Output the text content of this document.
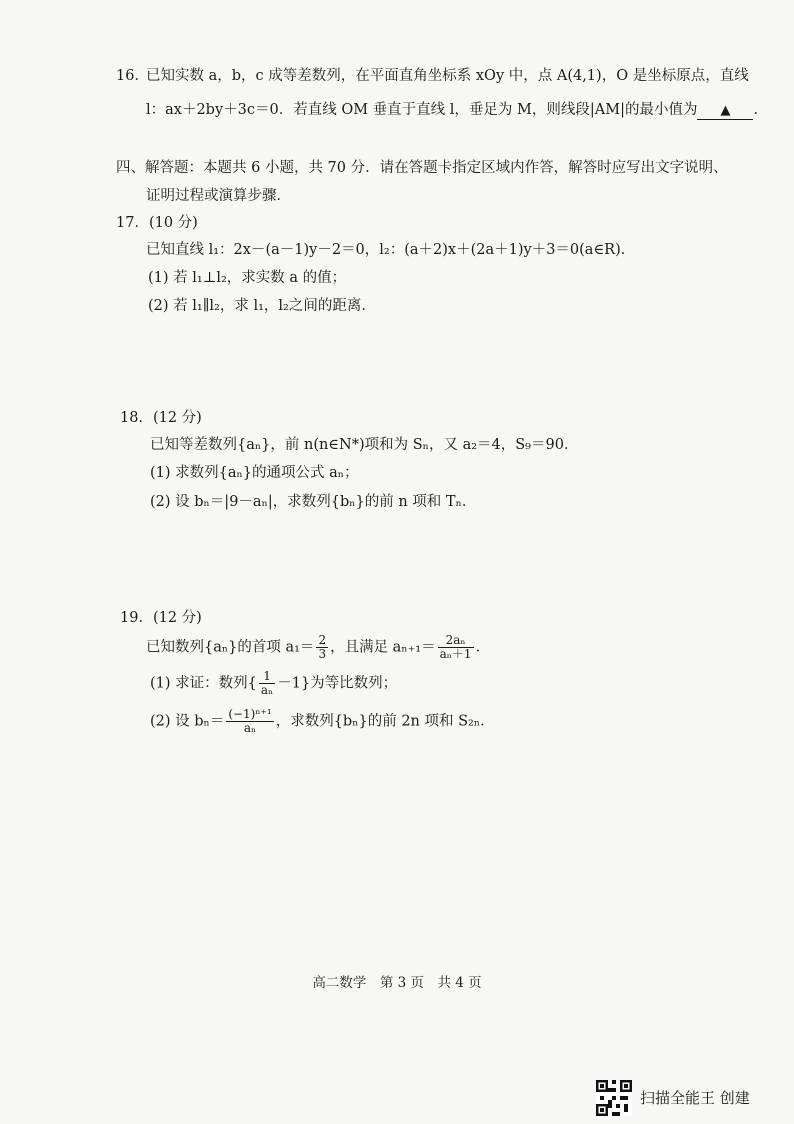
16．
已知实数 a，b，c 成等差数列，在平面直角坐标系 xOy 中，点 A(4,1)，O 是坐标原点，直线
l：ax＋2by＋3c＝0．若直线 OM 垂直于直线 l，垂足为 M，则线段|AM|的最小值为 ▲ ．
四、解答题：本题共 6 小题，共 70 分．请在答题卡指定区域内作答，解答时应写出文字说明、
证明过程或演算步骤．
17．(10 分)
已知直线 l₁：2x－(a－1)y－2＝0，l₂：(a＋2)x＋(2a＋1)y＋3＝0(a∈R)．
(1) 若 l₁⊥l₂，求实数 a 的值；
(2) 若 l₁∥l₂，求 l₁，l₂之间的距离．
18．(12 分)
已知等差数列{aₙ}，前 n(n∈N*)项和为 Sₙ，又 a₂＝4，S₉＝90．
(1) 求数列{aₙ}的通项公式 aₙ；
(2) 设 bₙ＝|9－aₙ|，求数列{bₙ}的前 n 项和 Tₙ．
19．(12 分)
已知数列{aₙ}的首项 $a_1= \frac{2}{3}$ ，且满足 $a_{n+1}= \frac{\text{2aₙ}}{\text{aₙ＋1}}$ ．
(1) 求证：数列{ $\frac{1}{\text{aₙ}} -1$}为等比数列；
(2) 设 $b_n= \frac{\text{(−1)ⁿ⁺¹}}{\text{aₙ}}$ ，求数列{bₙ}的前 2n 项和 S₂ₙ．
高二数学　第 3 页　共 4 页
扫描全能王 创建
